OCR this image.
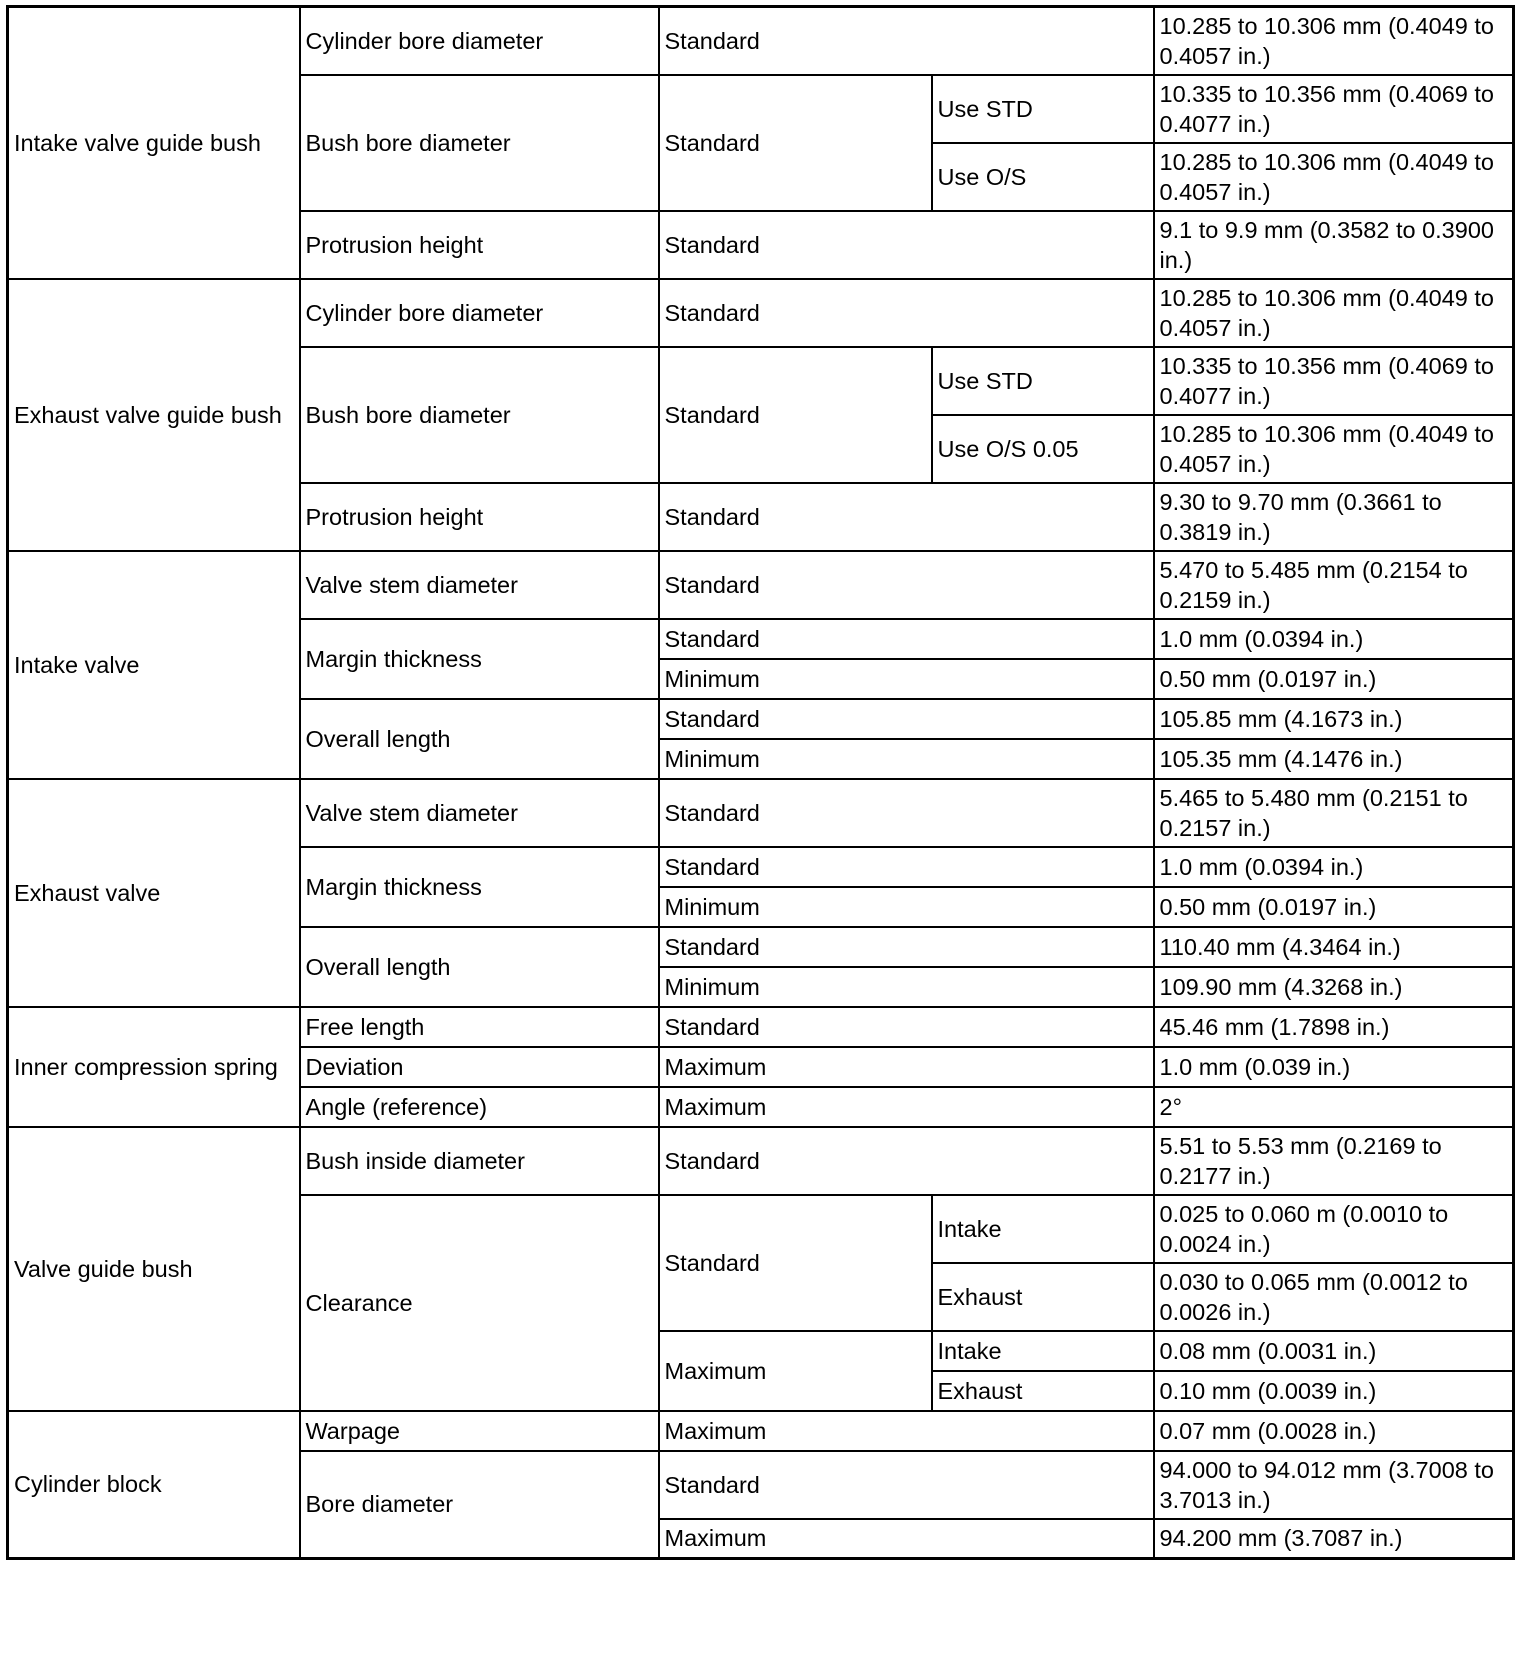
Intake valve guide bush	Cylinder bore diameter	Standard		10.285 to 10.306 mm (0.4049 to 0.4057 in.)
	Bush bore diameter	Standard	Use STD	10.335 to 10.356 mm (0.4069 to 0.4077 in.)
			Use O/S	10.285 to 10.306 mm (0.4049 to 0.4057 in.)
	Protrusion height	Standard		9.1 to 9.9 mm (0.3582 to 0.3900 in.)
Exhaust valve guide bush	Cylinder bore diameter	Standard		10.285 to 10.306 mm (0.4049 to 0.4057 in.)
	Bush bore diameter	Standard	Use STD	10.335 to 10.356 mm (0.4069 to 0.4077 in.)
			Use O/S 0.05	10.285 to 10.306 mm (0.4049 to 0.4057 in.)
	Protrusion height	Standard		9.30 to 9.70 mm (0.3661 to 0.3819 in.)
Intake valve	Valve stem diameter	Standard		5.470 to 5.485 mm (0.2154 to 0.2159 in.)
	Margin thickness	Standard		1.0 mm (0.0394 in.)
		Minimum		0.50 mm (0.0197 in.)
	Overall length	Standard		105.85 mm (4.1673 in.)
		Minimum		105.35 mm (4.1476 in.)
Exhaust valve	Valve stem diameter	Standard		5.465 to 5.480 mm (0.2151 to 0.2157 in.)
	Margin thickness	Standard		1.0 mm (0.0394 in.)
		Minimum		0.50 mm (0.0197 in.)
	Overall length	Standard		110.40 mm (4.3464 in.)
		Minimum		109.90 mm (4.3268 in.)
Inner compression spring	Free length	Standard		45.46 mm (1.7898 in.)
	Deviation	Maximum		1.0 mm (0.039 in.)
	Angle (reference)	Maximum		2°
Valve guide bush	Bush inside diameter	Standard		5.51 to 5.53 mm (0.2169 to 0.2177 in.)
	Clearance	Standard	Intake	0.025 to 0.060 m (0.0010 to 0.0024 in.)
			Exhaust	0.030 to 0.065 mm (0.0012 to 0.0026 in.)
		Maximum	Intake	0.08 mm (0.0031 in.)
			Exhaust	0.10 mm (0.0039 in.)
Cylinder block	Warpage	Maximum		0.07 mm (0.0028 in.)
	Bore diameter	Standard		94.000 to 94.012 mm (3.7008 to 3.7013 in.)
		Maximum		94.200 mm (3.7087 in.)
